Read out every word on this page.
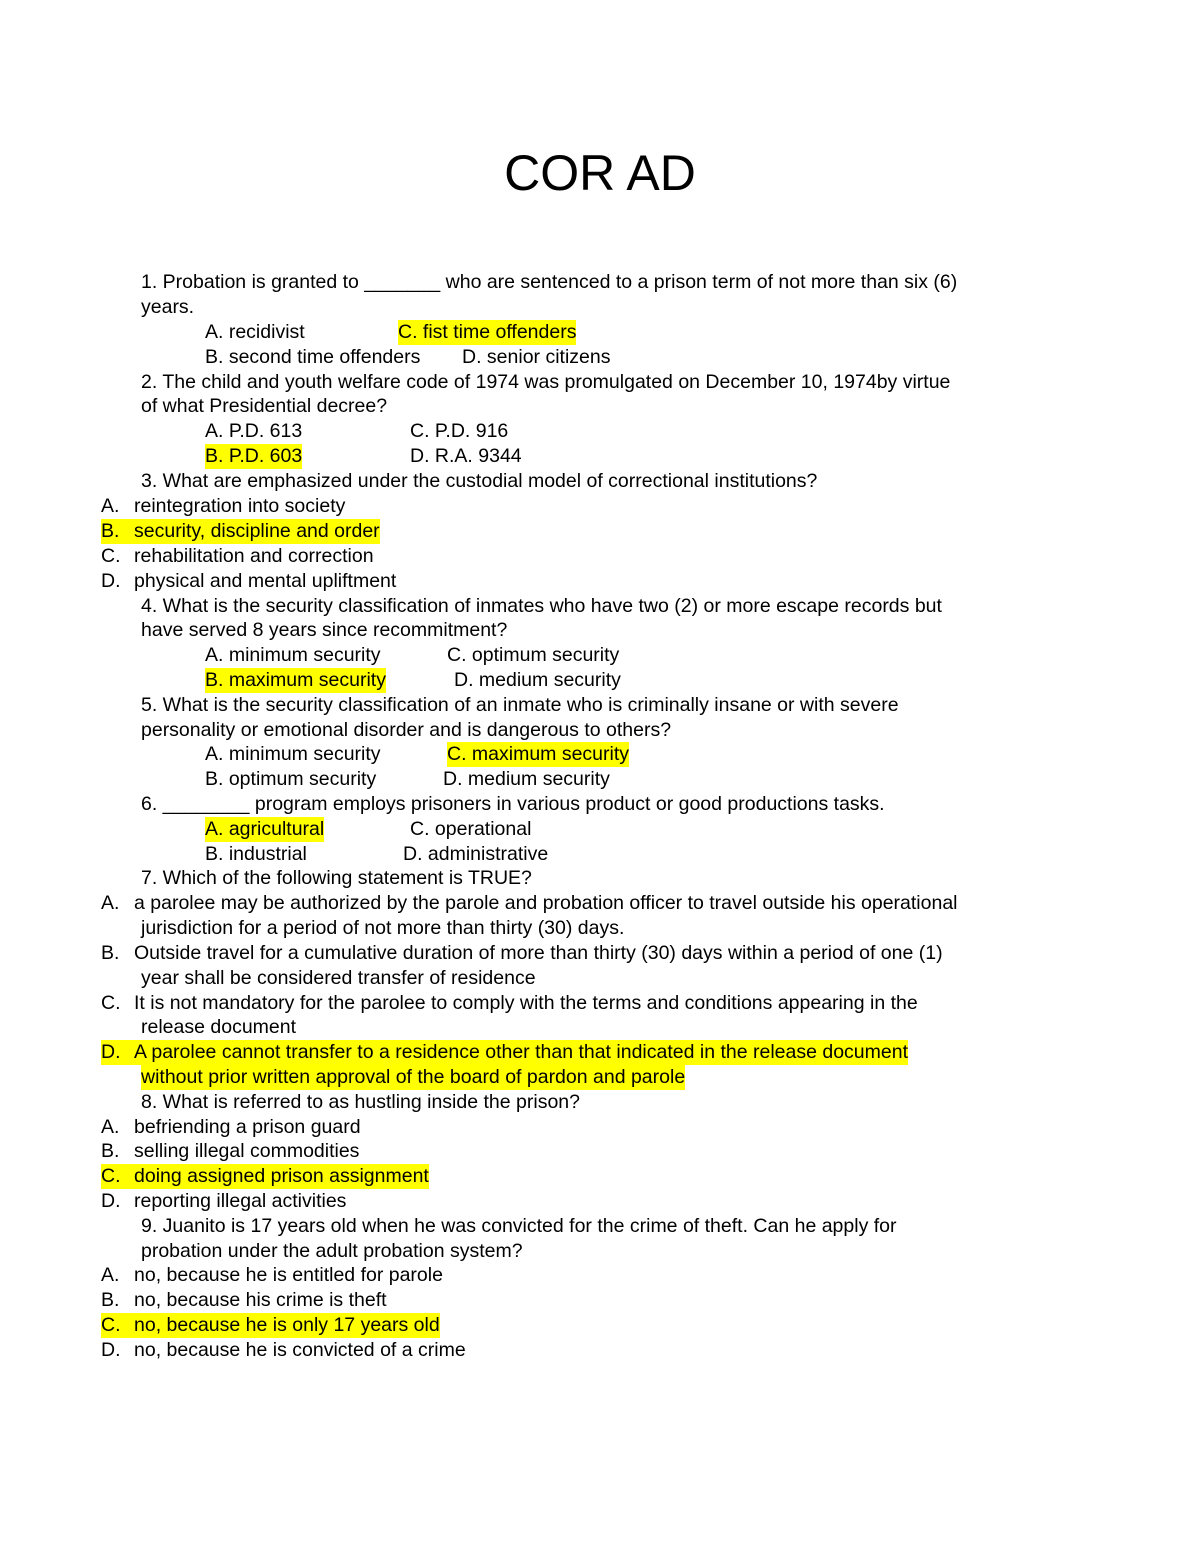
COR AD
1. Probation is granted to _______ who are sentenced to a prison term of not more than six (6)
years.
A. recidivist	C. fist time offenders
B. second time offenders D. senior citizens
2. The child and youth welfare code of 1974 was promulgated on December 10, 1974by virtue
of what Presidential decree?
A. P.D. 613	C. P.D. 916
B. P.D. 603	D. R.A. 9344
3. What are emphasized under the custodial model of correctional institutions?
A. reintegration into society
B. security, discipline and order
C. rehabilitation and correction
D. physical and mental upliftment
4. What is the security classification of inmates who have two (2) or more escape records but
have served 8 years since recommitment?
A. minimum security	C. optimum security
B. maximum security	D. medium security
5. What is the security classification of an inmate who is criminally insane or with severe
personality or emotional disorder and is dangerous to others?
A. minimum security	C. maximum security
B. optimum security	D. medium security
6. ________ program employs prisoners in various product or good productions tasks.
A. agricultural	C. operational
B. industrial	D. administrative
7. Which of the following statement is TRUE?
A. a parolee may be authorized by the parole and probation officer to travel outside his operational
jurisdiction for a period of not more than thirty (30) days.
B. Outside travel for a cumulative duration of more than thirty (30) days within a period of one (1)
year shall be considered transfer of residence
C. It is not mandatory for the parolee to comply with the terms and conditions appearing in the
release document
D. A parolee cannot transfer to a residence other than that indicated in the release document
without prior written approval of the board of pardon and parole
8. What is referred to as hustling inside the prison?
A. befriending a prison guard
B. selling illegal commodities
C. doing assigned prison assignment
D. reporting illegal activities
9. Juanito is 17 years old when he was convicted for the crime of theft. Can he apply for
probation under the adult probation system?
A. no, because he is entitled for parole
B. no, because his crime is theft
C. no, because he is only 17 years old
D. no, because he is convicted of a crime
